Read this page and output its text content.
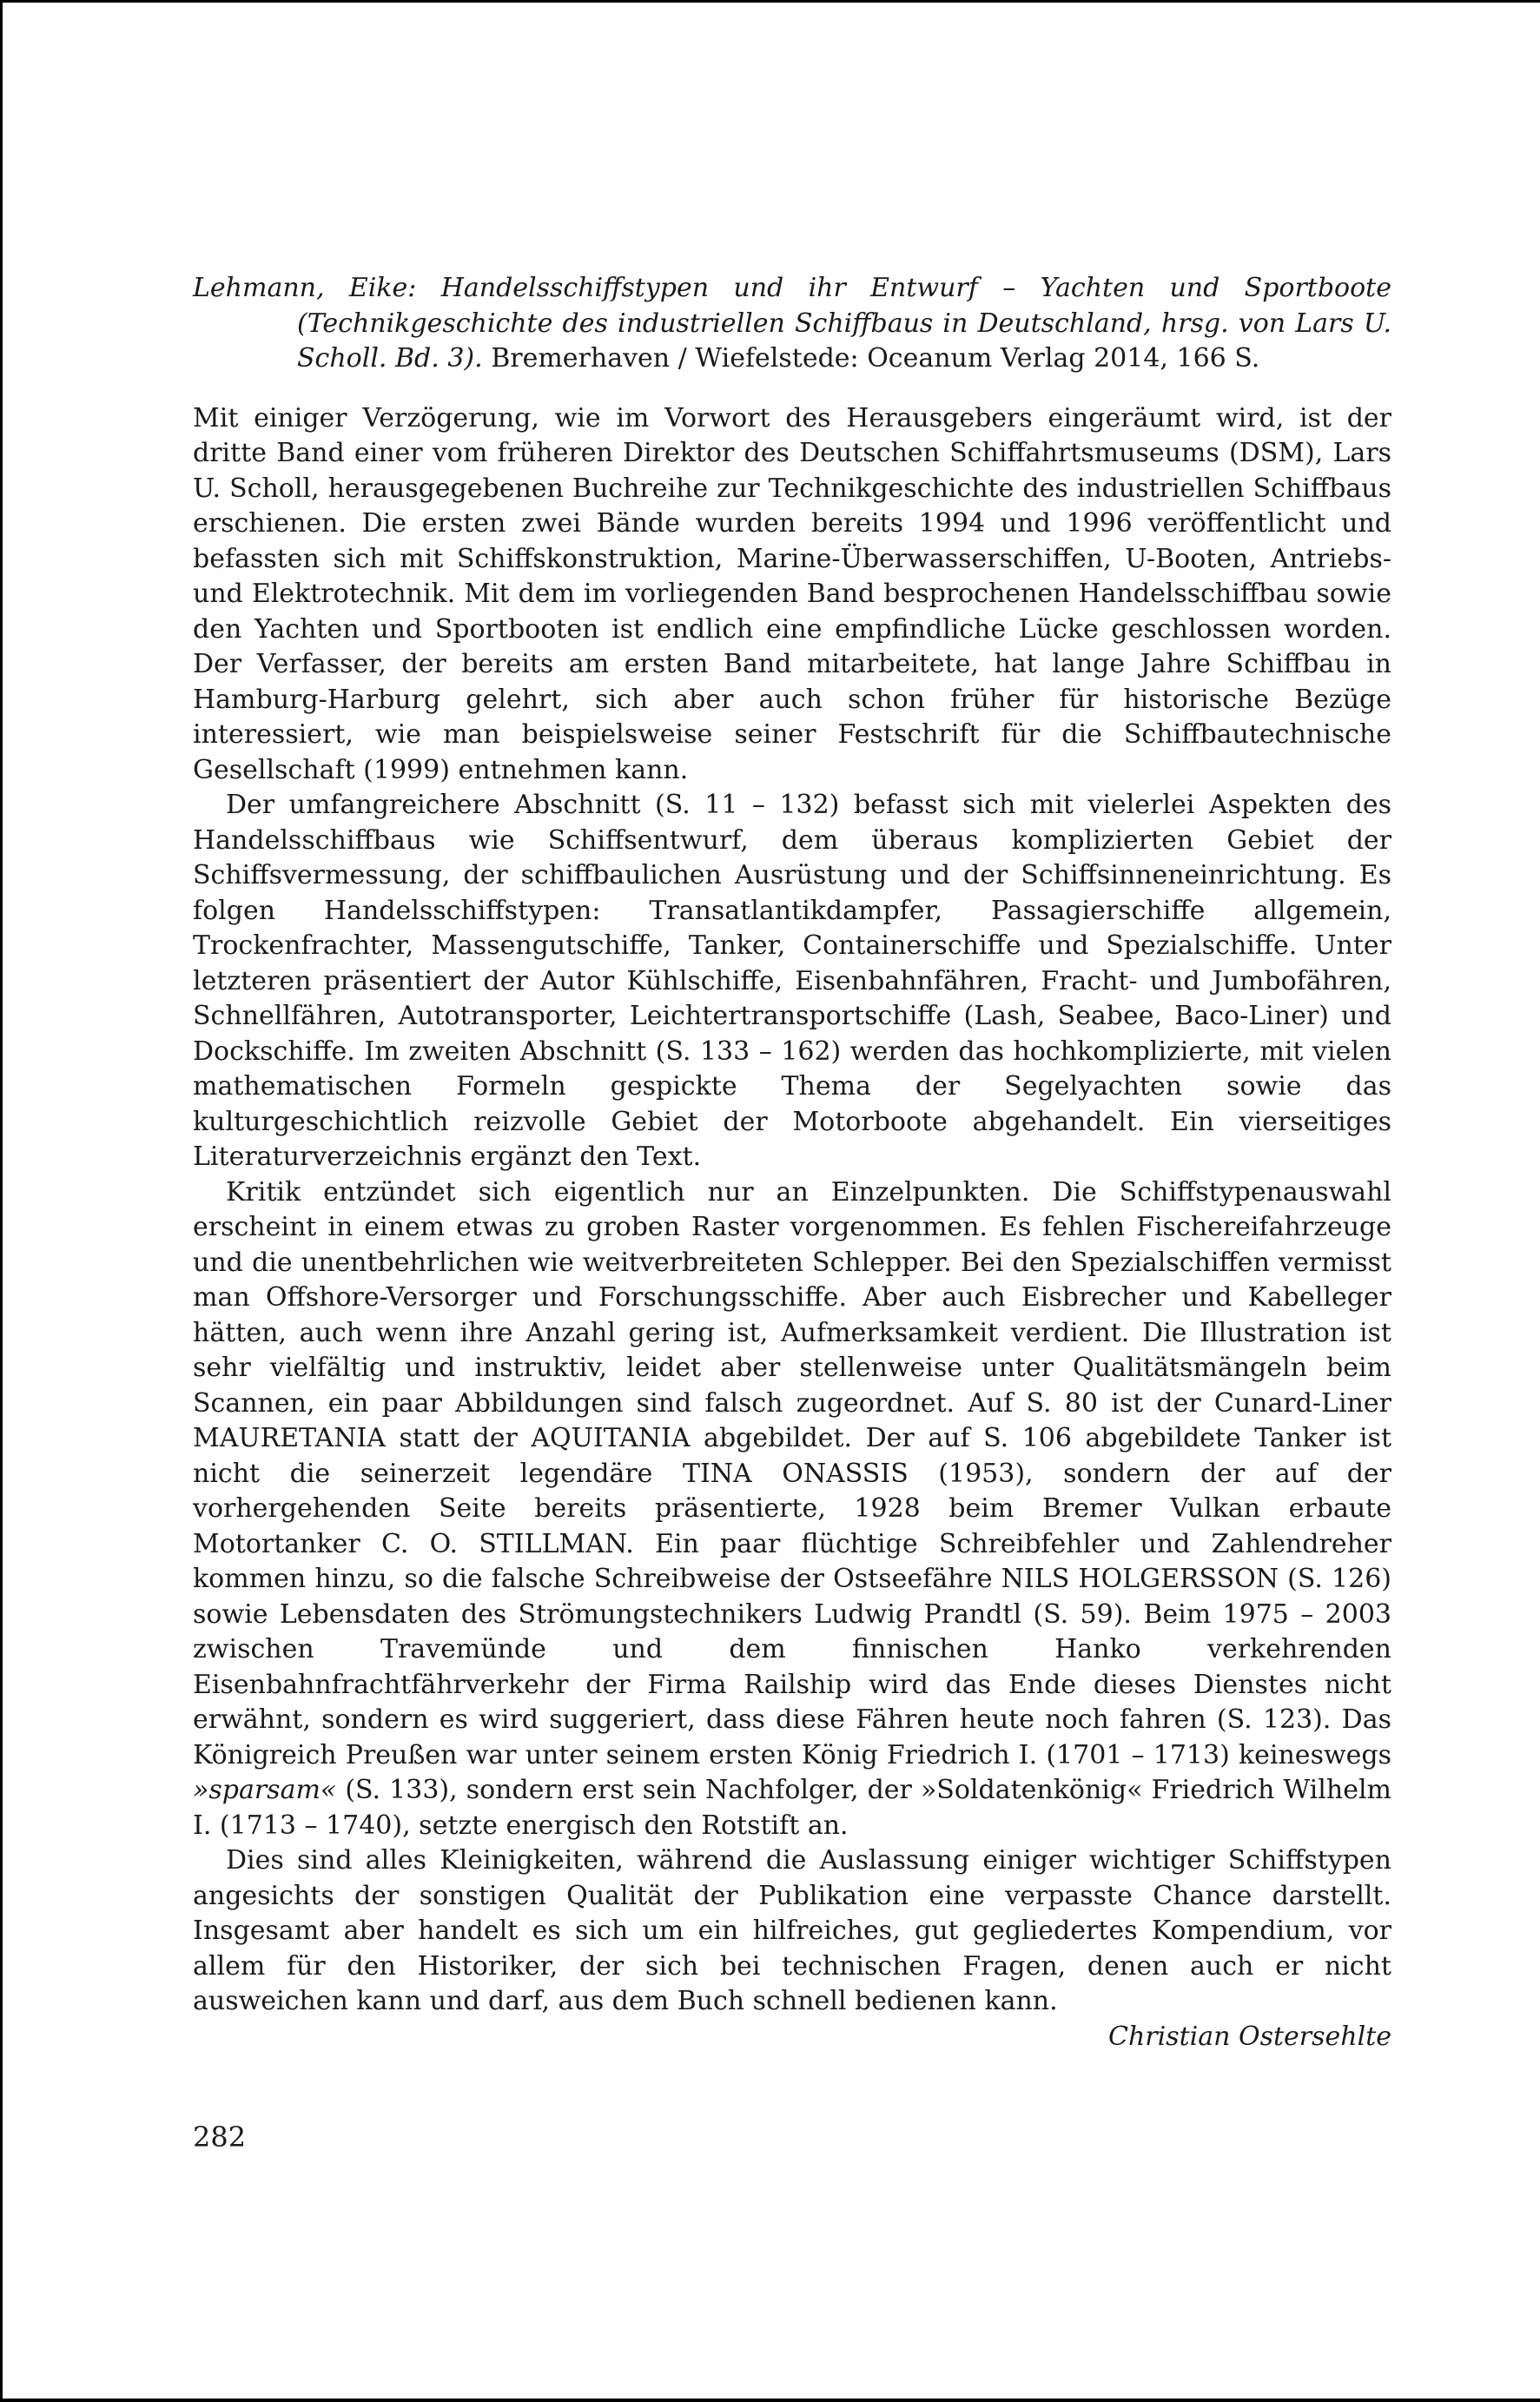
Lehmann, Eike: Handelsschiffstypen und ihr Entwurf – Yachten und Sportboote (Technikgeschichte des industriellen Schiffbaus in Deutschland, hrsg. von Lars U. Scholl. Bd. 3). Bremerhaven / Wiefelstede: Oceanum Verlag 2014, 166 S.

Mit einiger Verzögerung, wie im Vorwort des Herausgebers eingeräumt wird, ist der dritte Band einer vom früheren Direktor des Deutschen Schiffahrtsmuseums (DSM), Lars U. Scholl, herausgegebenen Buchreihe zur Technikgeschichte des industriellen Schiffbaus erschienen. Die ersten zwei Bände wurden bereits 1994 und 1996 veröffentlicht und befassten sich mit Schiffskonstruktion, Marine-Überwasserschiffen, U-Booten, Antriebs- und Elektrotechnik. Mit dem im vorliegenden Band besprochenen Handelsschiffbau sowie den Yachten und Sportbooten ist endlich eine empfindliche Lücke geschlossen worden. Der Verfasser, der bereits am ersten Band mitarbeitete, hat lange Jahre Schiffbau in Hamburg-Harburg gelehrt, sich aber auch schon früher für historische Bezüge interessiert, wie man beispielsweise seiner Festschrift für die Schiffbautechnische Gesellschaft (1999) entnehmen kann.

Der umfangreichere Abschnitt (S. 11 – 132) befasst sich mit vielerlei Aspekten des Handelsschiffbaus wie Schiffsentwurf, dem überaus komplizierten Gebiet der Schiffsvermessung, der schiffbaulichen Ausrüstung und der Schiffsinneneinrichtung. Es folgen Handelsschiffstypen: Transatlantikdampfer, Passagierschiffe allgemein, Trockenfrachter, Massengutschiffe, Tanker, Containerschiffe und Spezialschiffe. Unter letzteren präsentiert der Autor Kühlschiffe, Eisenbahnfähren, Fracht- und Jumbofähren, Schnellfähren, Autotransporter, Leichtertransportschiffe (Lash, Seabee, Baco-Liner) und Dockschiffe. Im zweiten Abschnitt (S. 133 – 162) werden das hochkomplizierte, mit vielen mathematischen Formeln gespickte Thema der Segelyachten sowie das kulturgeschichtlich reizvolle Gebiet der Motorboote abgehandelt. Ein vierseitiges Literaturverzeichnis ergänzt den Text.

Kritik entzündet sich eigentlich nur an Einzelpunkten. Die Schiffstypenauswahl erscheint in einem etwas zu groben Raster vorgenommen. Es fehlen Fischereifahrzeuge und die unentbehrlichen wie weitverbreiteten Schlepper. Bei den Spezialschiffen vermisst man Offshore-Versorger und Forschungsschiffe. Aber auch Eisbrecher und Kabelleger hätten, auch wenn ihre Anzahl gering ist, Aufmerksamkeit verdient. Die Illustration ist sehr vielfältig und instruktiv, leidet aber stellenweise unter Qualitätsmängeln beim Scannen, ein paar Abbildungen sind falsch zugeordnet. Auf S. 80 ist der Cunard-Liner MAURETANIA statt der AQUITANIA abgebildet. Der auf S. 106 abgebildete Tanker ist nicht die seinerzeit legendäre TINA ONASSIS (1953), sondern der auf der vorhergehenden Seite bereits präsentierte, 1928 beim Bremer Vulkan erbaute Motortanker C. O. STILLMAN. Ein paar flüchtige Schreibfehler und Zahlendreher kommen hinzu, so die falsche Schreibweise der Ostseefähre NILS HOLGERSSON (S. 126) sowie Lebensdaten des Strömungstechnikers Ludwig Prandtl (S. 59). Beim 1975 – 2003 zwischen Travemünde und dem finnischen Hanko verkehrenden Eisenbahnfrachtfährverkehr der Firma Railship wird das Ende dieses Dienstes nicht erwähnt, sondern es wird suggeriert, dass diese Fähren heute noch fahren (S. 123). Das Königreich Preußen war unter seinem ersten König Friedrich I. (1701 – 1713) keineswegs »sparsam« (S. 133), sondern erst sein Nachfolger, der »Soldatenkönig« Friedrich Wilhelm I. (1713 – 1740), setzte energisch den Rotstift an.

Dies sind alles Kleinigkeiten, während die Auslassung einiger wichtiger Schiffstypen angesichts der sonstigen Qualität der Publikation eine verpasste Chance darstellt. Insgesamt aber handelt es sich um ein hilfreiches, gut gegliedertes Kompendium, vor allem für den Historiker, der sich bei technischen Fragen, denen auch er nicht ausweichen kann und darf, aus dem Buch schnell bedienen kann.

Christian Ostersehlte

282
